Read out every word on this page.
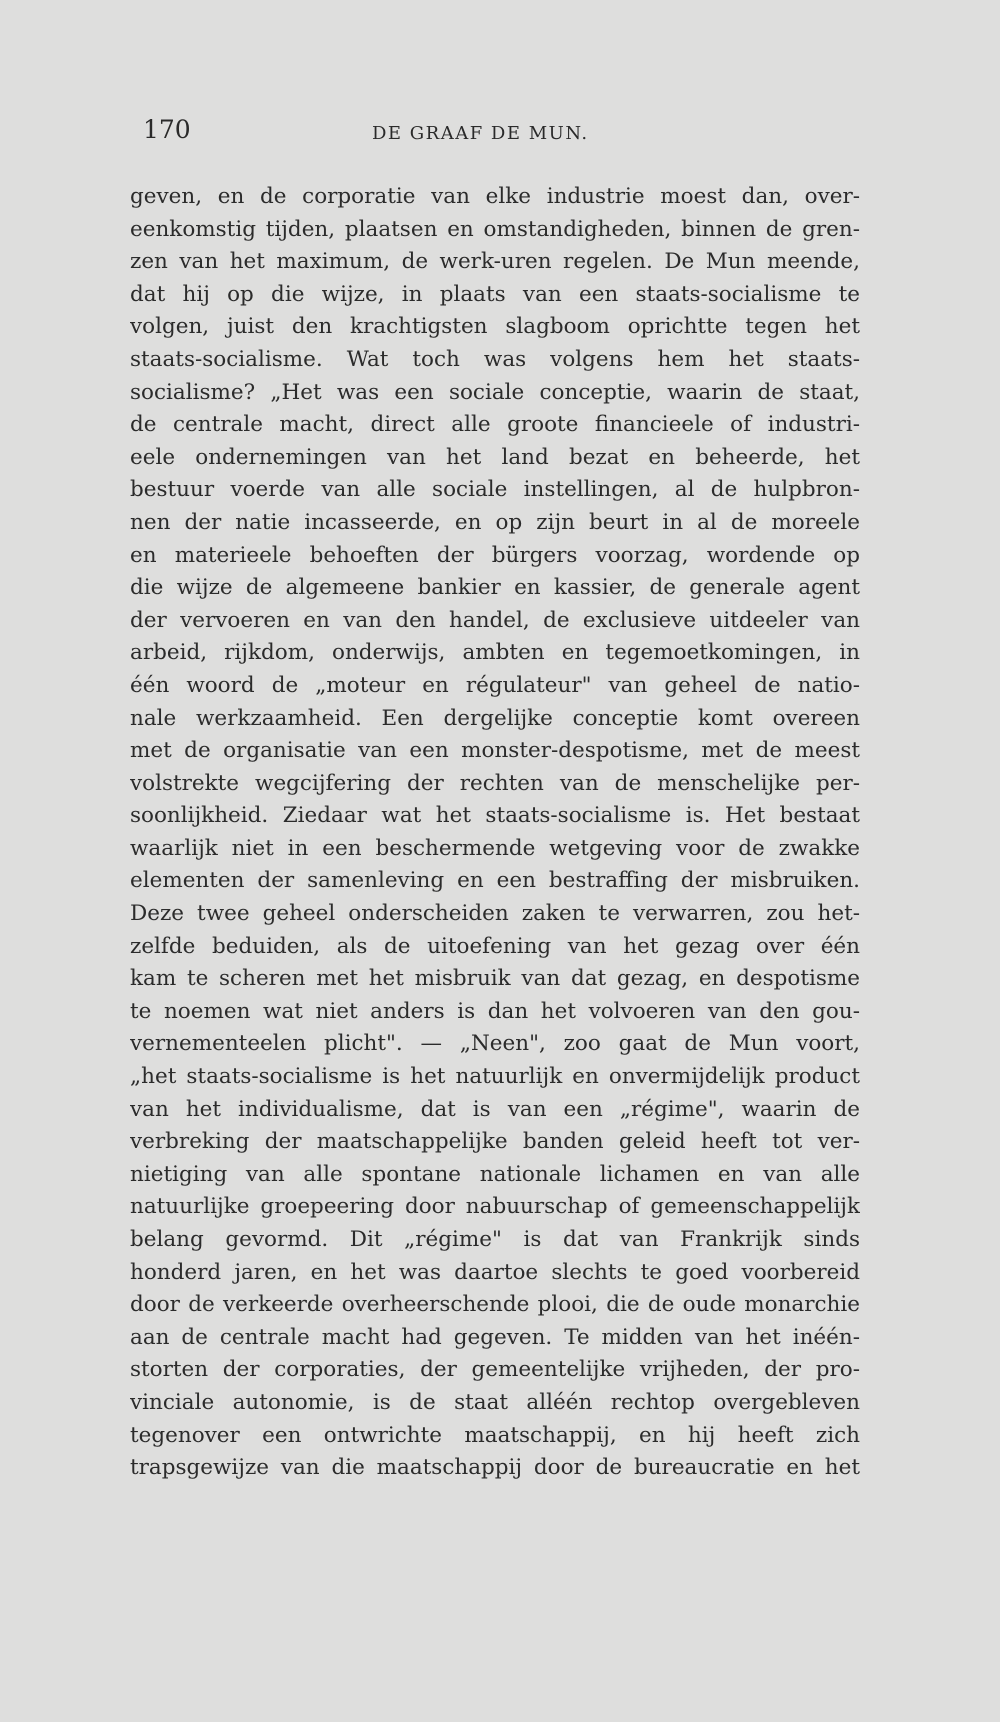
170	DE GRAAF DE MUN.
geven, en de corporatie van elke industrie moest dan, over-
eenkomstig tijden, plaatsen en omstandigheden, binnen de gren-
zen van het maximum, de werk-uren regelen. De Mun meende,
dat hij op die wijze, in plaats van een staats-socialisme te
volgen, juist den krachtigsten slagboom oprichtte tegen het
staats-socialisme. Wat toch was volgens hem het staats-
socialisme? „Het was een sociale conceptie, waarin de staat,
de centrale macht, direct alle groote financieele of industri-
eele ondernemingen van het land bezat en beheerde, het
bestuur voerde van alle sociale instellingen, al de hulpbron-
nen der natie incasseerde, en op zijn beurt in al de moreele
en materieele behoeften der bürgers voorzag, wordende op
die wijze de algemeene bankier en kassier, de generale agent
der vervoeren en van den handel, de exclusieve uitdeeler van
arbeid, rijkdom, onderwijs, ambten en tegemoetkomingen, in
één woord de „moteur en régulateur" van geheel de natio-
nale werkzaamheid. Een dergelijke conceptie komt overeen
met de organisatie van een monster-despotisme, met de meest
volstrekte wegcijfering der rechten van de menschelijke per-
soonlijkheid. Ziedaar wat het staats-socialisme is. Het bestaat
waarlijk niet in een beschermende wetgeving voor de zwakke
elementen der samenleving en een bestraffing der misbruiken.
Deze twee geheel onderscheiden zaken te verwarren, zou het-
zelfde beduiden, als de uitoefening van het gezag over één
kam te scheren met het misbruik van dat gezag, en despotisme
te noemen wat niet anders is dan het volvoeren van den gou-
vernementeelen plicht". — „Neen", zoo gaat de Mun voort,
„het staats-socialisme is het natuurlijk en onvermijdelijk product
van het individualisme, dat is van een „régime", waarin de
verbreking der maatschappelijke banden geleid heeft tot ver-
nietiging van alle spontane nationale lichamen en van alle
natuurlijke groepeering door nabuurschap of gemeenschappelijk
belang gevormd. Dit „régime" is dat van Frankrijk sinds
honderd jaren, en het was daartoe slechts te goed voorbereid
door de verkeerde overheerschende plooi, die de oude monarchie
aan de centrale macht had gegeven. Te midden van het inéén-
storten der corporaties, der gemeentelijke vrijheden, der pro-
vinciale autonomie, is de staat alléén rechtop overgebleven
tegenover een ontwrichte maatschappij, en hij heeft zich
trapsgewijze van die maatschappij door de bureaucratie en het
